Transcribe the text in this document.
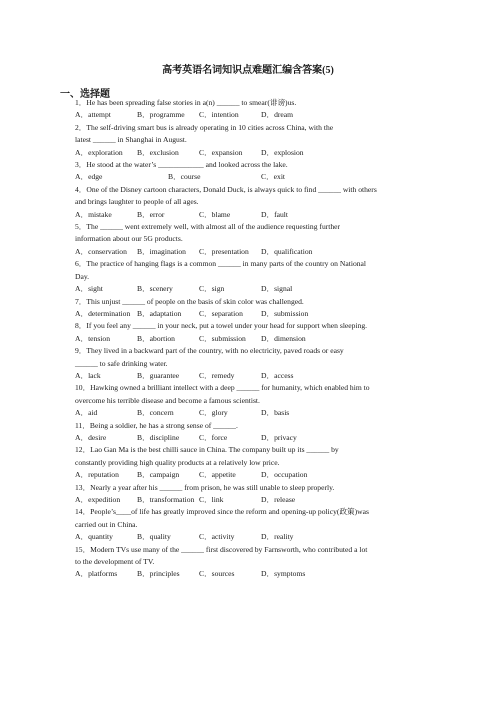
高考英语名词知识点难题汇编含答案(5)
一、选择题
1．He has been spreading false stories in a(n) ______ to smear(诽谤)us.
A．attempt	B．programme	C．intention	D．dream
2．The self-driving smart bus is already operating in 10 cities across China, with the
latest ______ in Shanghai in August.
A．exploration	B．exclusion	C．expansion	D．explosion
3．He stood at the water’s ____________ and looked across the lake.
A．edge	B．course	C．exit
4．One of the Disney cartoon characters, Donald Duck, is always quick to find ______ with others
and brings laughter to people of all ages.
A．mistake	B．error	C．blame	D．fault
5．The ______ went extremely well, with almost all of the audience requesting further
information about our 5G products.
A．conservation	B．imagination	C．presentation	D．qualification
6．The practice of hanging flags is a common ______ in many parts of the country on National
Day.
A．sight	B．scenery	C．sign	D．signal
7．This unjust ______ of people on the basis of skin color was challenged.
A．determination B．adaptation	C．separation	D．submission
8．If you feel any ______ in your neck, put a towel under your head for support when sleeping.
A．tension	B．abortion	C．submission	D．dimension
9．They lived in a backward part of the country, with no electricity, paved roads or easy
______ to safe drinking water.
A．lack	B．guarantee	C．remedy	D．access
10．Hawking owned a brilliant intellect with a deep ______ for humanity, which enabled him to
overcome his terrible disease and become a famous scientist.
A．aid	B．concern	C．glory	D．basis
11．Being a soldier, he has a strong sense of ______.
A．desire	B．discipline	C．force	D．privacy
12．Lao Gan Ma is the best chilli sauce in China. The company built up its ______ by
constantly providing high quality products at a relatively low price.
A．reputation	B．campaign	C．appetite	D．occupation
13．Nearly a year after his ______ from prison, he was still unable to sleep properly.
A．expedition	B．transformation C．link	D．release
14．People’s____of life has greatly improved since the reform and opening-up policy(政策)was
carried out in China.
A．quantity	B．quality	C．activity	D．reality
15．Modern TVs use many of the ______ first discovered by Farnsworth, who contributed a lot
to the development of TV.
A．platforms	B．principles	C．sources	D．symptoms
